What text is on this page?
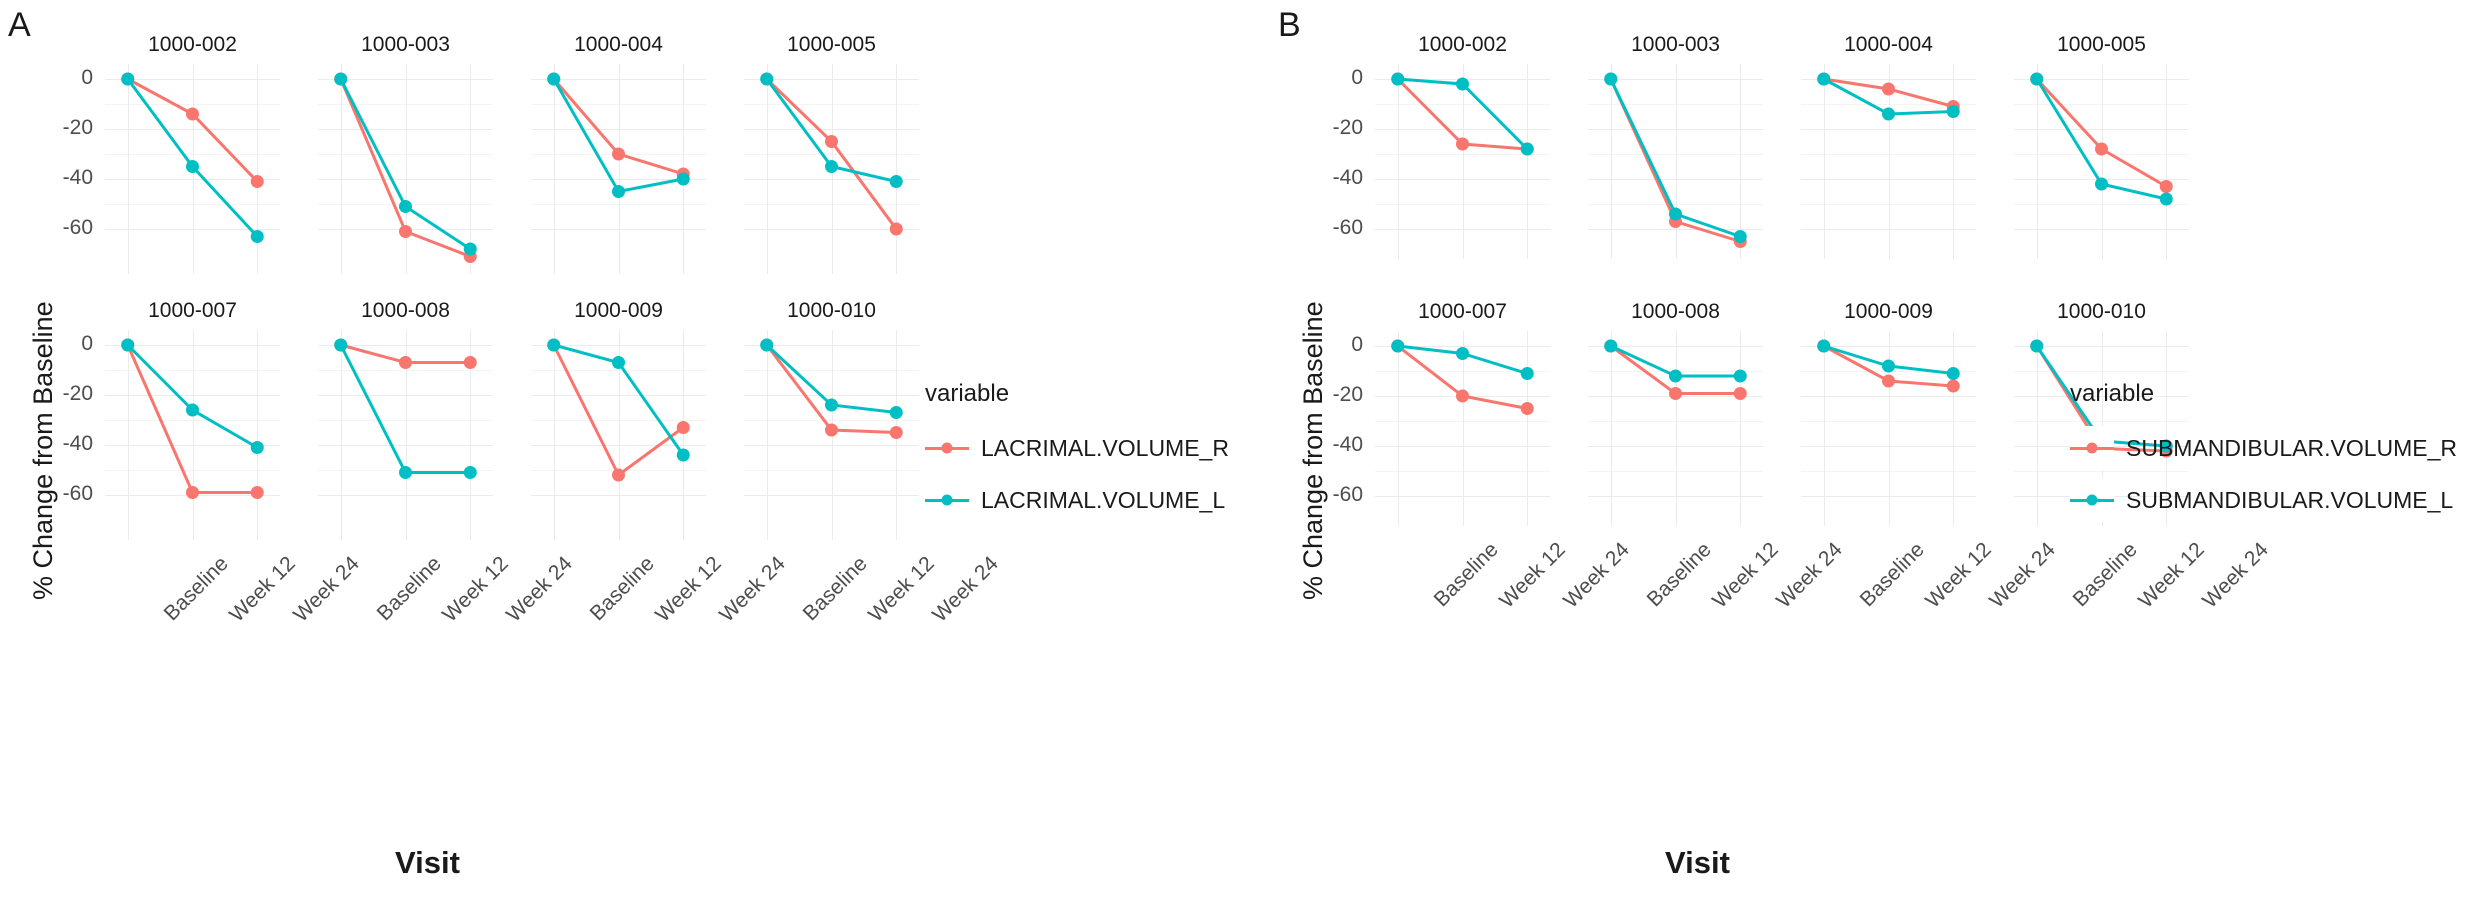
A
% Change from Baseline
Visit
1000-002
0
-20
-40
-60
1000-003	1000-004	1000-005
1000-007
0
-20
-40
-60
Baseline
Week 12
Week 24
1000-008
Baseline
Week 12
Week 24
1000-009
Baseline
Week 12
Week 24
1000-010
Baseline
Week 12
Week 24
variable
LACRIMAL.VOLUME_R
LACRIMAL.VOLUME_L
B
% Change from Baseline
Visit
1000-002
0
-20
-40
-60
1000-003	1000-004	1000-005
1000-007
0
-20
-40
-60
Baseline
Week 12
Week 24
1000-008
Baseline
Week 12
Week 24
1000-009
Baseline
Week 12
Week 24
1000-010
Baseline
Week 12
Week 24
variable
SUBMANDIBULAR.VOLUME_R
SUBMANDIBULAR.VOLUME_L
